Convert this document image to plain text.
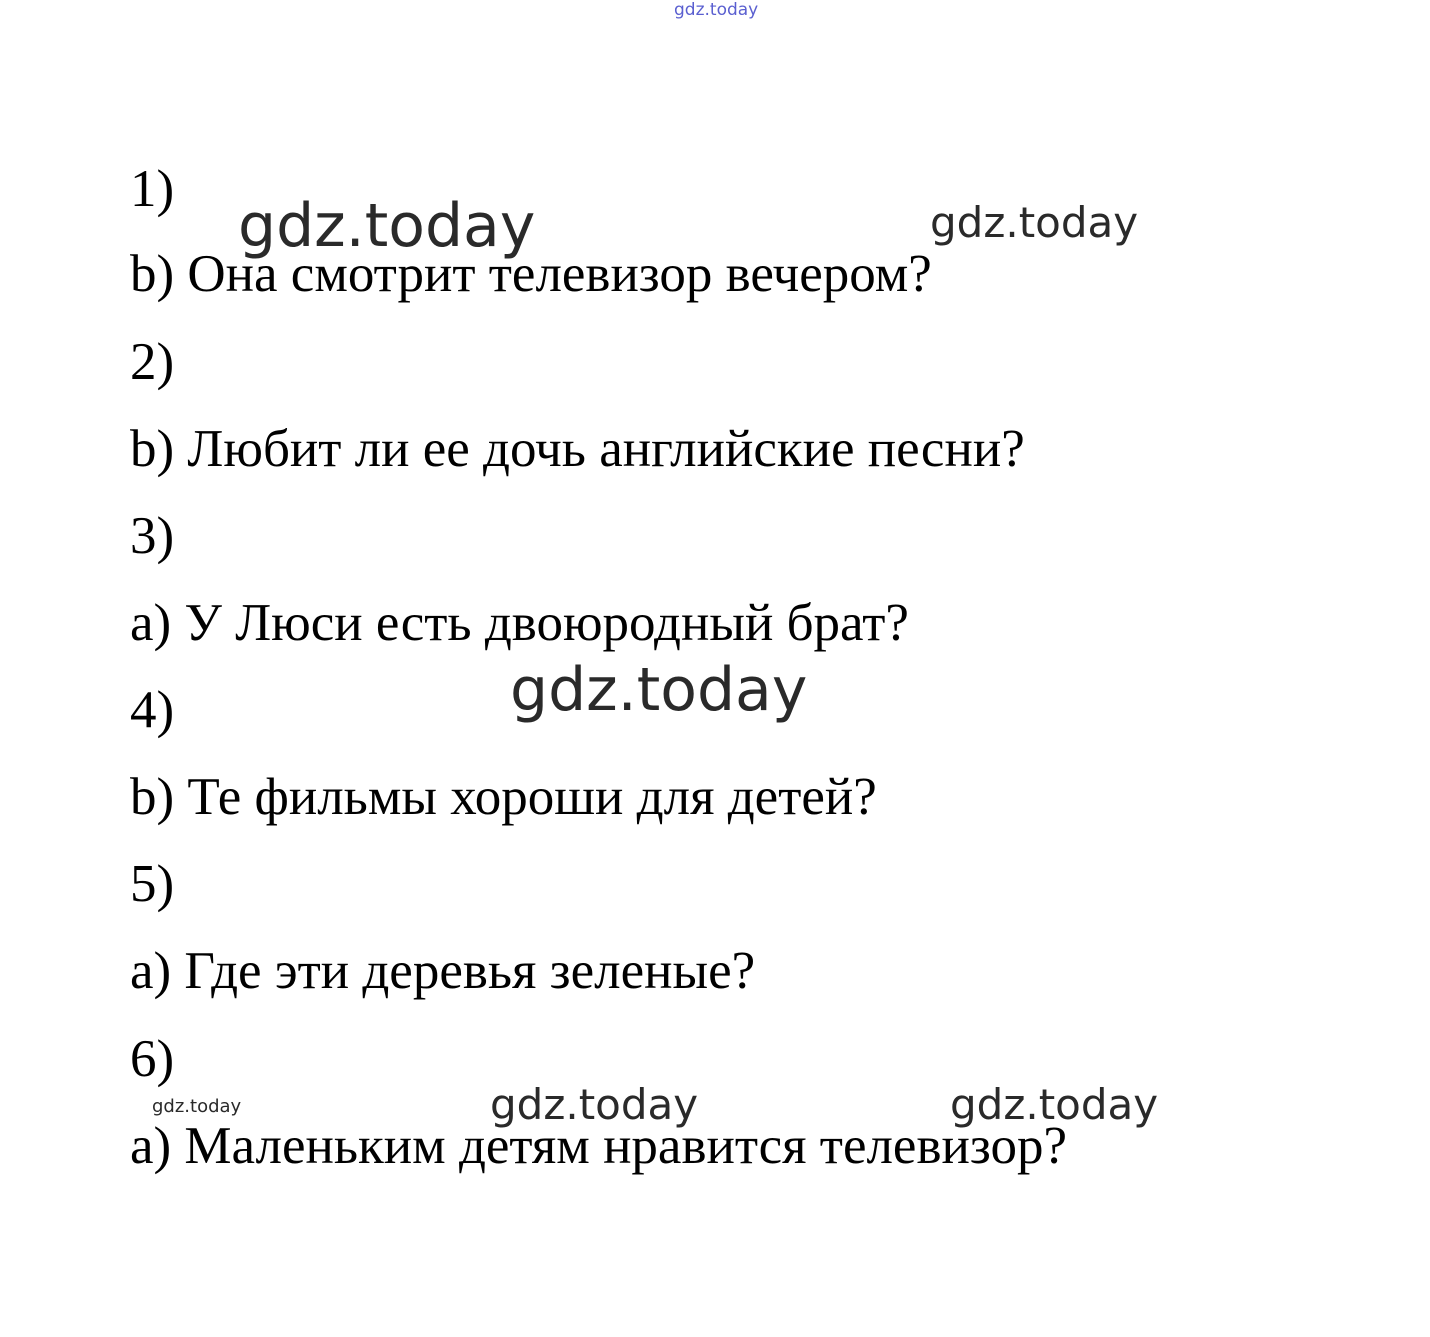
gdz.today
1)
b) Она смотрит телевизор вечером?
2)
b) Любит ли ее дочь английские песни?
3)
a) У Люси есть двоюродный брат?
4)
b) Те фильмы хороши для детей?
5)
a) Где эти деревья зеленые?
6)
a) Маленьким детям нравится телевизор?
gdz.today	gdz.today
gdz.today
gdz.today	gdz.today	gdz.today
